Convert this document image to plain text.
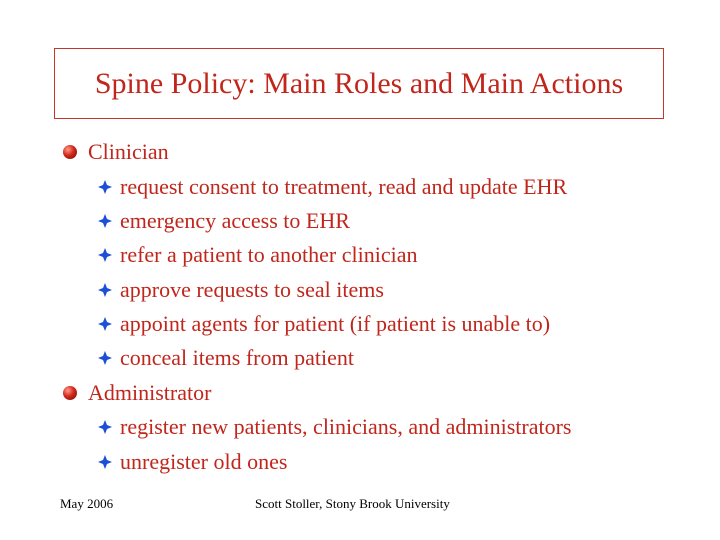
Spine Policy: Main Roles and Main Actions
Clinician
request consent to treatment, read and update EHR
emergency access to EHR
refer a patient to another clinician
approve requests to seal items
appoint agents for patient (if patient is unable to)
conceal items from patient
Administrator
register new patients, clinicians, and administrators
unregister old ones
May 2006	Scott Stoller, Stony Brook University
